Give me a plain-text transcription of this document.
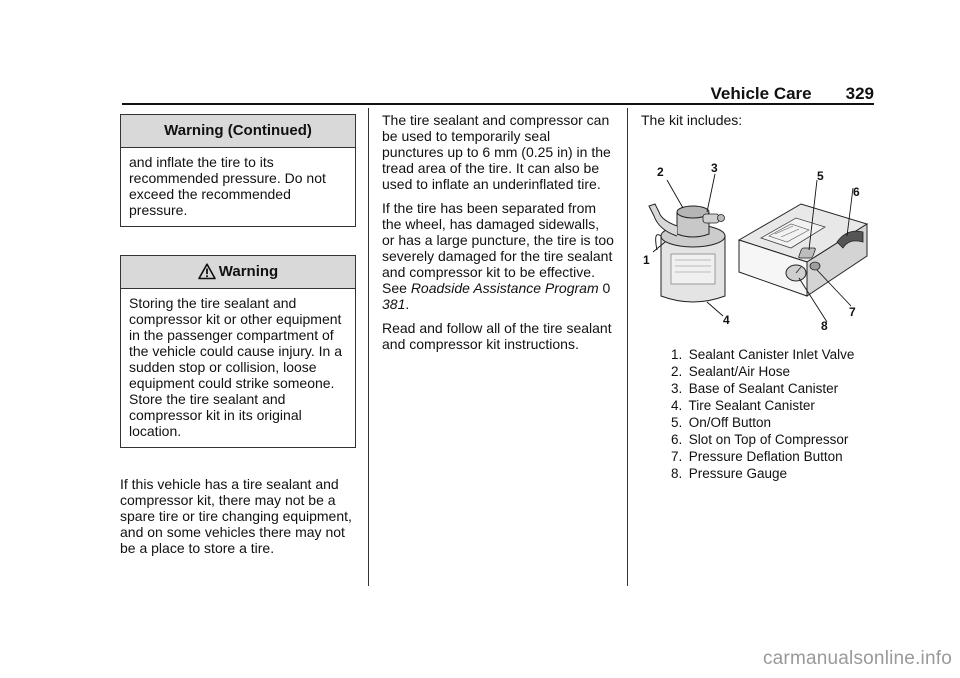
Vehicle Care 329
Warning (Continued)
and inflate the tire to its recommended pressure. Do not exceed the recommended pressure.
Warning
Storing the tire sealant and compressor kit or other equipment in the passenger compartment of the vehicle could cause injury. In a sudden stop or collision, loose equipment could strike someone. Store the tire sealant and compressor kit in its original location.

If this vehicle has a tire sealant and compressor kit, there may not be a spare tire or tire changing equipment, and on some vehicles there may not be a place to store a tire.

The tire sealant and compressor can be used to temporarily seal punctures up to 6 mm (0.25 in) in the tread area of the tire. It can also be used to inflate an underinflated tire.

If the tire has been separated from the wheel, has damaged sidewalls, or has a large puncture, the tire is too severely damaged for the tire sealant and compressor kit to be effective. See Roadside Assistance Program 0 381.

Read and follow all of the tire sealant and compressor kit instructions.

The kit includes:

2	3
1
4
5
6
7
8
1. Sealant Canister Inlet Valve
2. Sealant/Air Hose
3. Base of Sealant Canister
4. Tire Sealant Canister
5. On/Off Button
6. Slot on Top of Compressor
7. Pressure Deflation Button
8. Pressure Gauge
carmanualsonline.info
